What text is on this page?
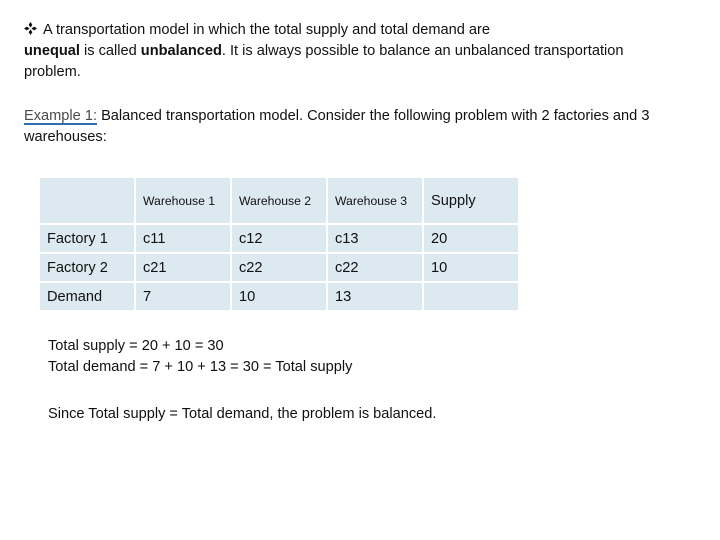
A transportation model in which the total supply and total demand are
unequal is called unbalanced. It is always possible to balance an unbalanced transportation problem.
Example 1: Balanced transportation model. Consider the following problem with 2 factories and 3 warehouses:
	Warehouse 1	Warehouse 2	Warehouse 3	Supply
Factory 1	c11	c12	c13	20
Factory 2	c21	c22	c22	10
Demand	7	10	13	
Total supply = 20 + 10 = 30
Total demand = 7 + 10 + 13 = 30 = Total supply
Since Total supply = Total demand, the problem is balanced.
